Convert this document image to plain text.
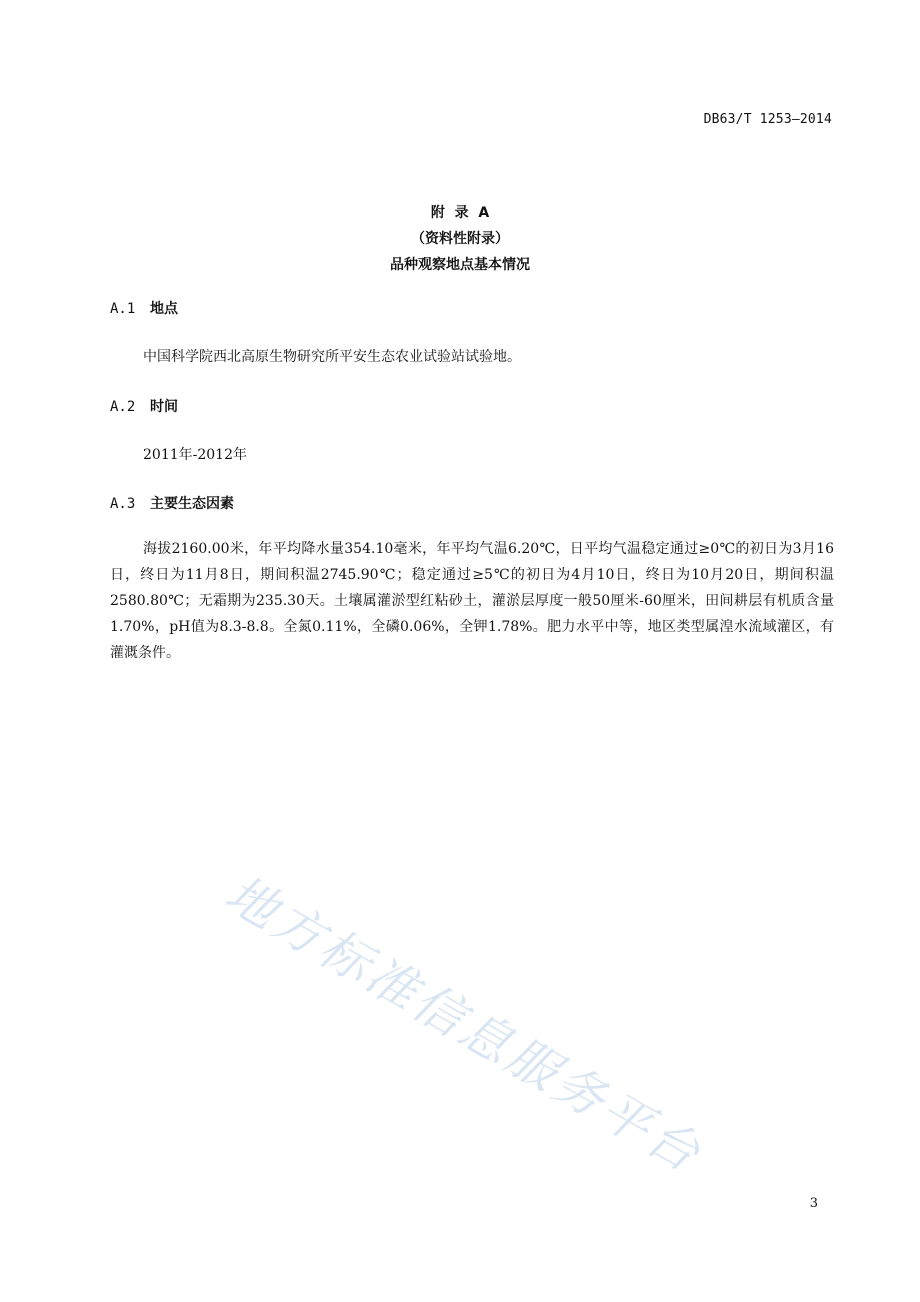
DB63/T 1253—2014
附  录  A
（资料性附录）
品种观察地点基本情况
A.1 地点
中国科学院西北高原生物研究所平安生态农业试验站试验地。
A.2 时间
2011年-2012年
A.3 主要生态因素
海拔2160.00米，年平均降水量354.10毫米，年平均气温6.20℃，日平均气温稳定通过≥0℃的初日为3月16日，终日为11月8日，期间积温2745.90℃；稳定通过≥5℃的初日为4月10日，终日为10月20日，期间积温2580.80℃；无霜期为235.30天。土壤属灌淤型红粘砂土，灌淤层厚度一般50厘米-60厘米，田间耕层有机质含量1.70%，pH值为8.3-8.8。全氮0.11%，全磷0.06%，全钾1.78%。肥力水平中等，地区类型属湟水流域灌区，有灌溉条件。
地方标准信息服务平台
3
